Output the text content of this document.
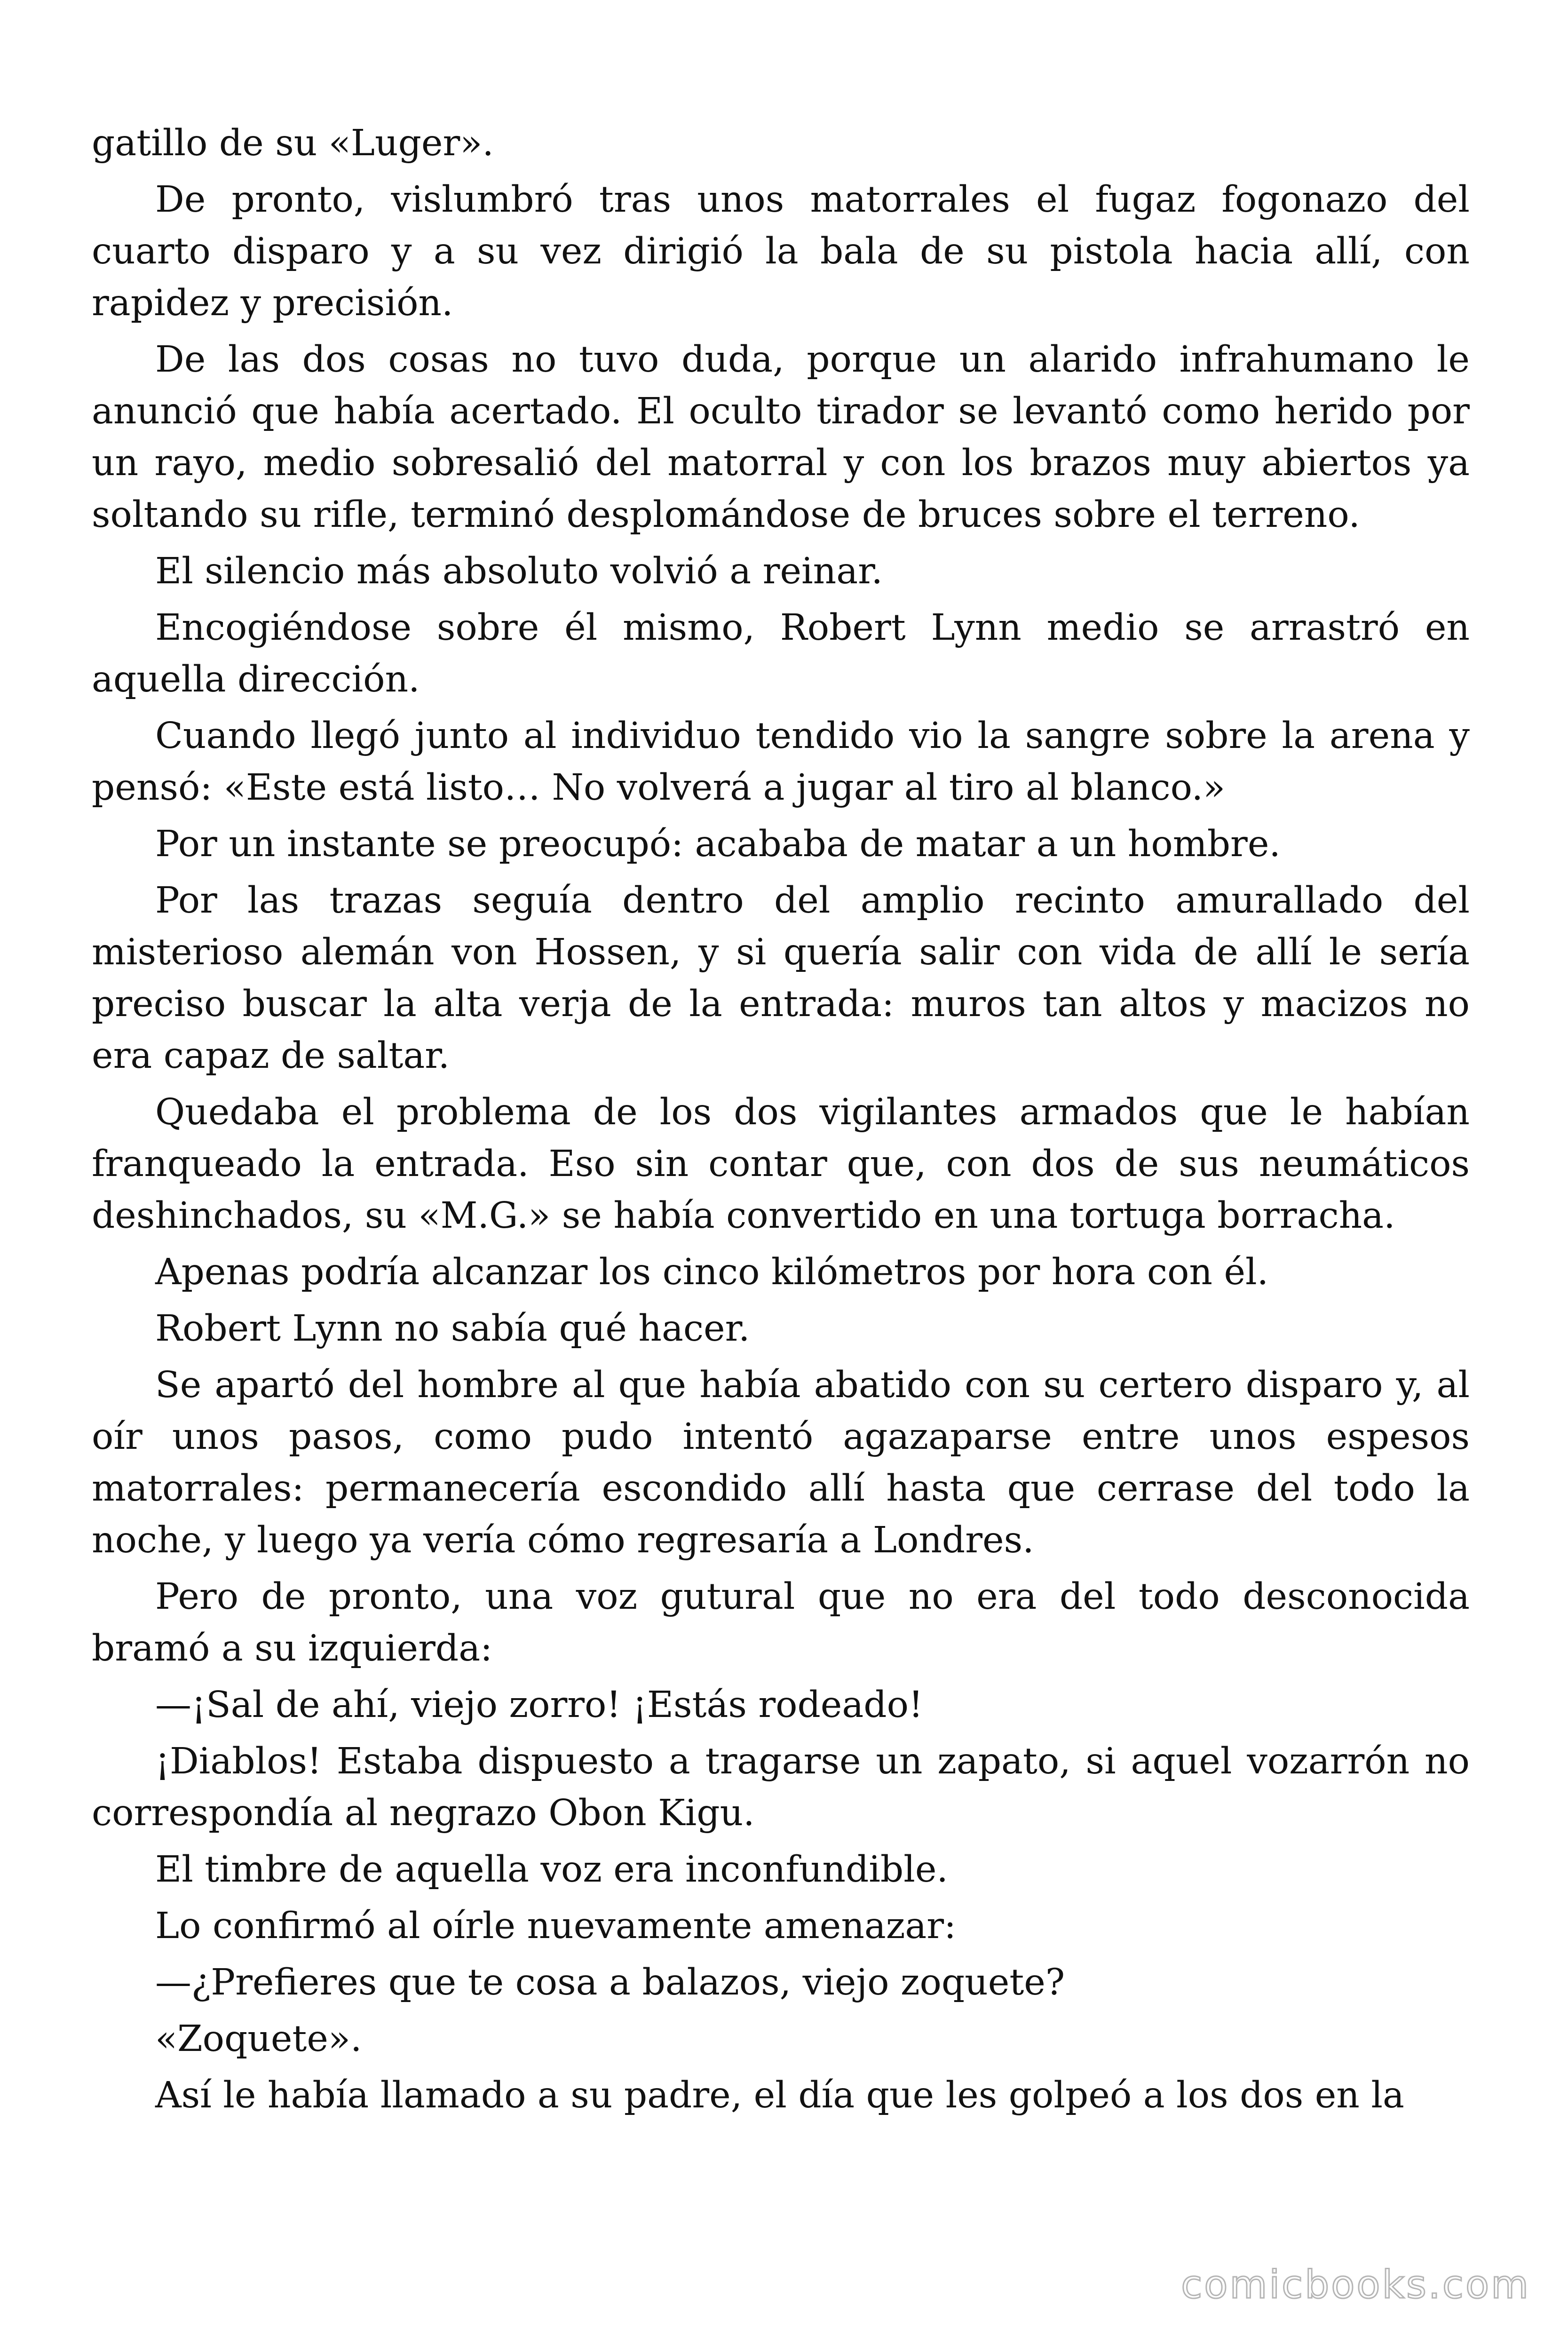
gatillo de su «Luger».

De pronto, vislumbró tras unos matorrales el fugaz fogonazo del cuarto disparo y a su vez dirigió la bala de su pistola hacia allí, con rapidez y precisión.

De las dos cosas no tuvo duda, porque un alarido infrahumano le anunció que había acertado. El oculto tirador se levantó como herido por un rayo, medio sobresalió del matorral y con los brazos muy abiertos ya soltando su rifle, terminó desplomándose de bruces sobre el terreno.

El silencio más absoluto volvió a reinar.

Encogiéndose sobre él mismo, Robert Lynn medio se arrastró en aquella dirección.

Cuando llegó junto al individuo tendido vio la sangre sobre la arena y pensó: «Este está listo… No volverá a jugar al tiro al blanco.»

Por un instante se preocupó: acababa de matar a un hombre.

Por las trazas seguía dentro del amplio recinto amurallado del misterioso alemán von Hossen, y si quería salir con vida de allí le sería preciso buscar la alta verja de la entrada: muros tan altos y macizos no era capaz de saltar.

Quedaba el problema de los dos vigilantes armados que le habían franqueado la entrada. Eso sin contar que, con dos de sus neumáticos deshinchados, su «M.G.» se había convertido en una tortuga borracha.

Apenas podría alcanzar los cinco kilómetros por hora con él.

Robert Lynn no sabía qué hacer.

Se apartó del hombre al que había abatido con su certero disparo y, al oír unos pasos, como pudo intentó agazaparse entre unos espesos matorrales: permanecería escondido allí hasta que cerrase del todo la noche, y luego ya vería cómo regresaría a Londres.

Pero de pronto, una voz gutural que no era del todo desconocida bramó a su izquierda:

—¡Sal de ahí, viejo zorro! ¡Estás rodeado!

¡Diablos! Estaba dispuesto a tragarse un zapato, si aquel vozarrón no correspondía al negrazo Obon Kigu.

El timbre de aquella voz era inconfundible.

Lo confirmó al oírle nuevamente amenazar:

—¿Prefieres que te cosa a balazos, viejo zoquete?

«Zoquete».

Así le había llamado a su padre, el día que les golpeó a los dos en la

comicbooks.com
